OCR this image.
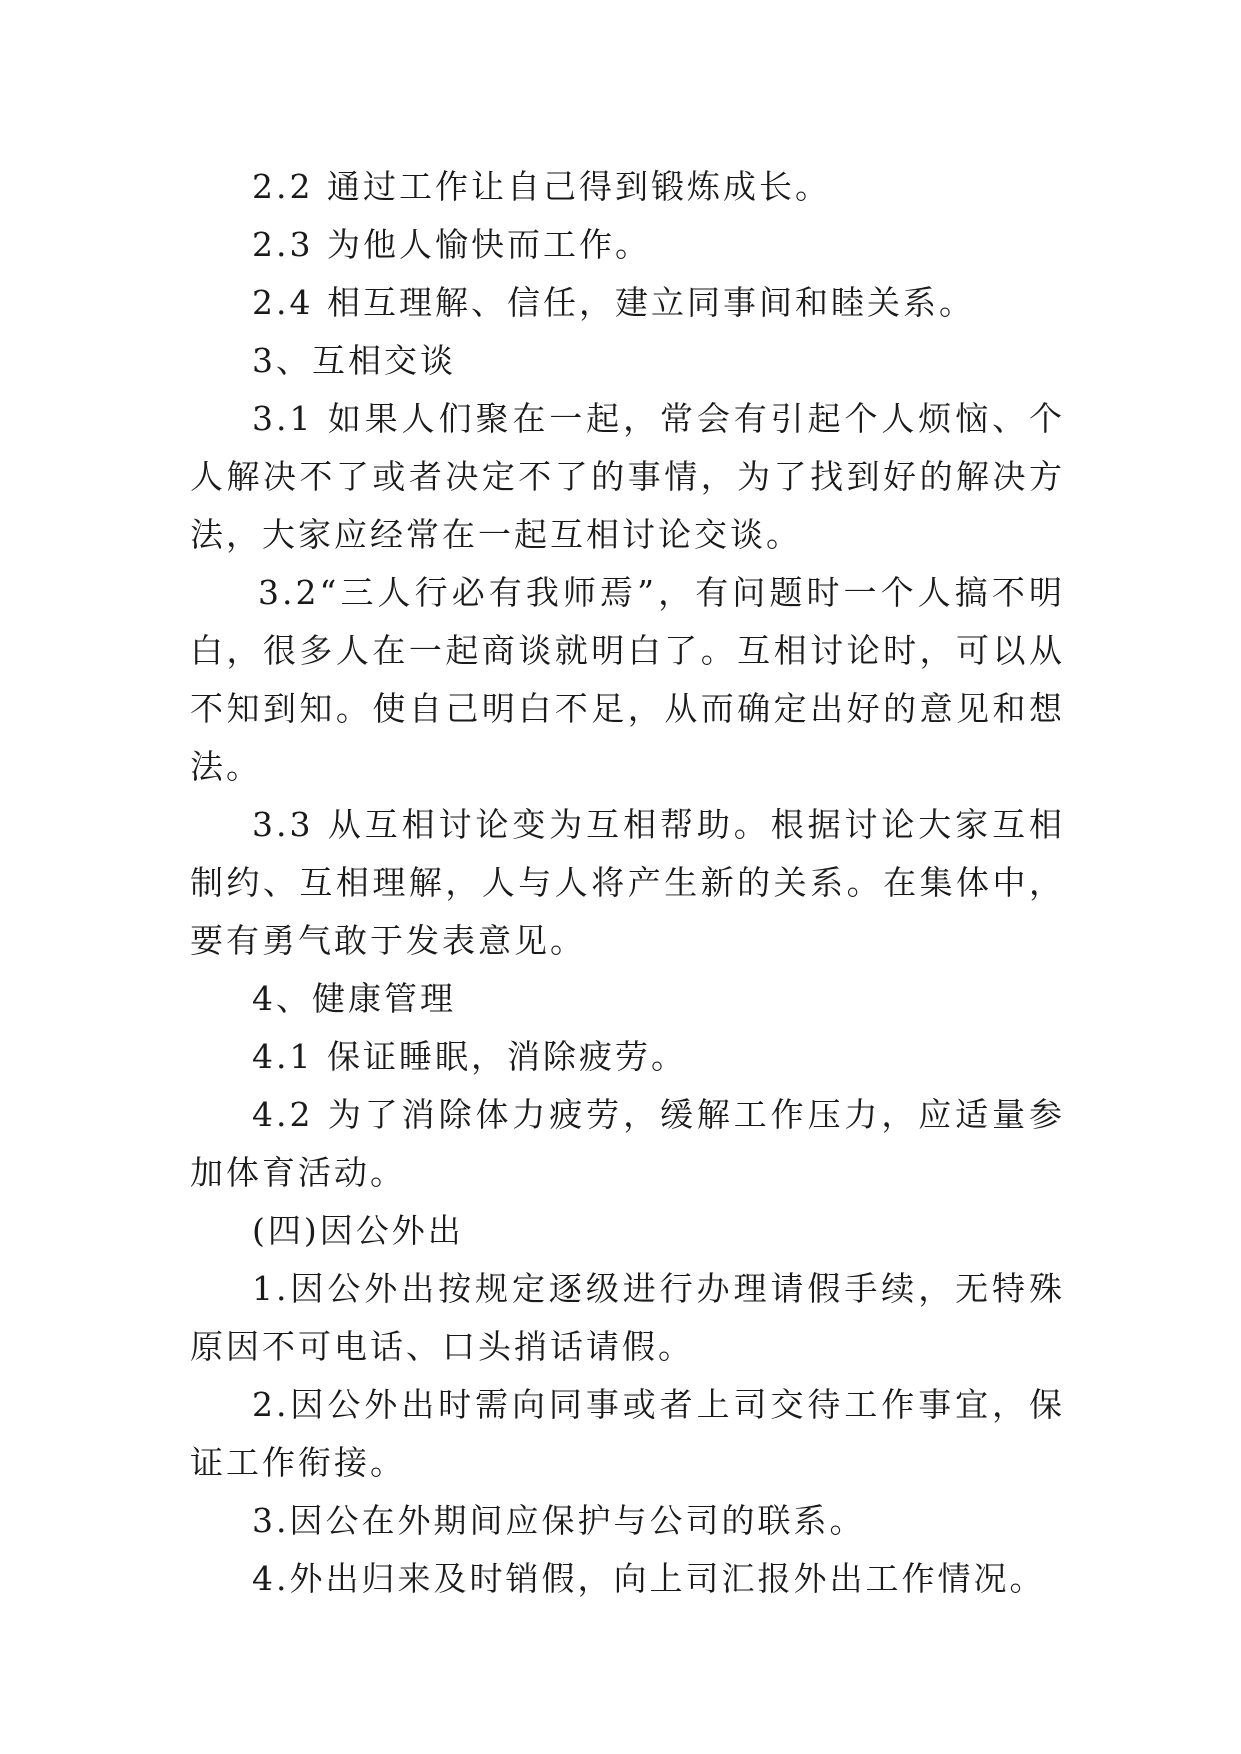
2.2 通过工作让自己得到锻炼成长。

2.3 为他人愉快而工作。

2.4 相互理解、信任，建立同事间和睦关系。

3、互相交谈

3.1 如果人们聚在一起，常会有引起个人烦恼、个人解决不了或者决定不了的事情，为了找到好的解决方法，大家应经常在一起互相讨论交谈。

3.2“三人行必有我师焉”，有问题时一个人搞不明白，很多人在一起商谈就明白了。互相讨论时，可以从不知到知。使自己明白不足，从而确定出好的意见和想法。

3.3 从互相讨论变为互相帮助。根据讨论大家互相制约、互相理解，人与人将产生新的关系。在集体中，要有勇气敢于发表意见。

4、健康管理

4.1 保证睡眠，消除疲劳。

4.2 为了消除体力疲劳，缓解工作压力，应适量参加体育活动。

(四)因公外出

1.因公外出按规定逐级进行办理请假手续，无特殊原因不可电话、口头捎话请假。

2.因公外出时需向同事或者上司交待工作事宜，保证工作衔接。

3.因公在外期间应保护与公司的联系。

4.外出归来及时销假，向上司汇报外出工作情况。
